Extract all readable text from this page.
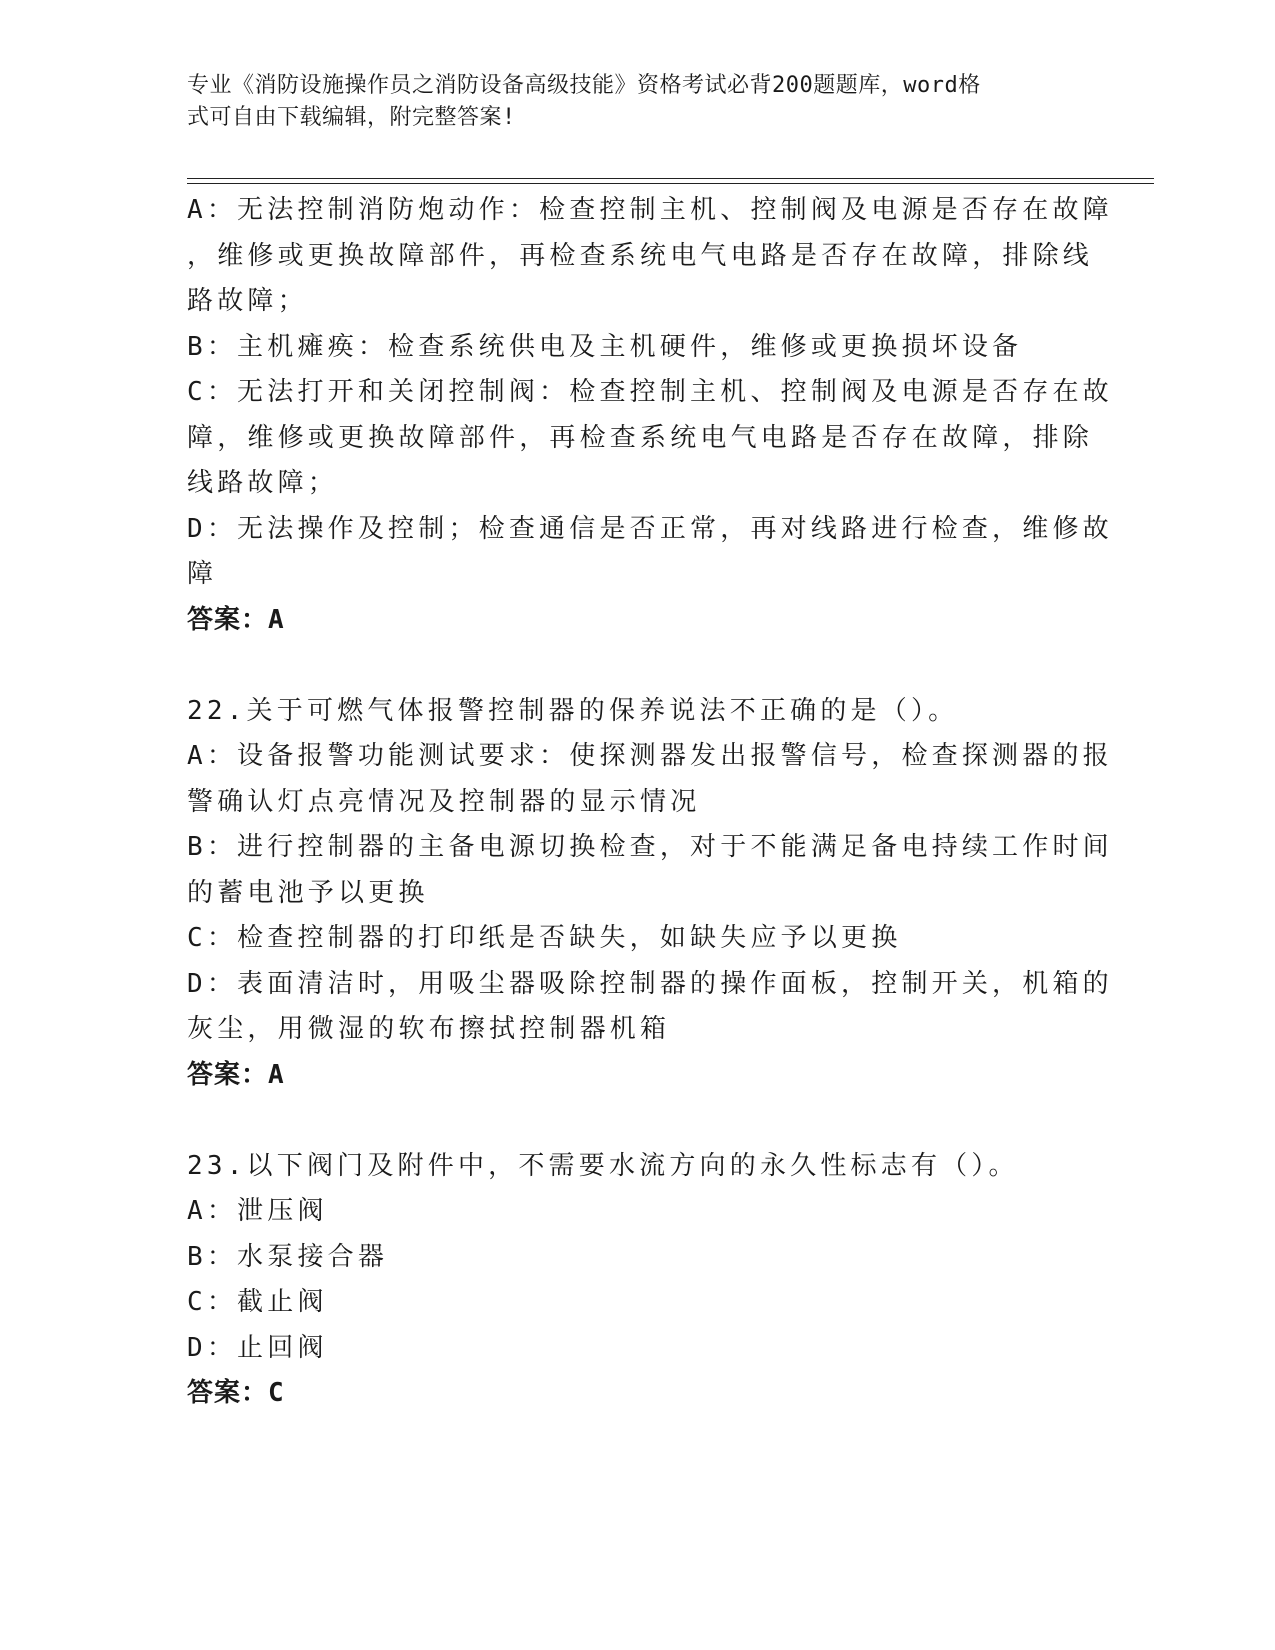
专业《消防设施操作员之消防设备高级技能》资格考试必背200题题库，word格
式可自由下载编辑，附完整答案!

A：无法控制消防炮动作：检查控制主机、控制阀及电源是否存在故障

，维修或更换故障部件，再检查系统电气电路是否存在故障，排除线

路故障；

B：主机瘫痪：检查系统供电及主机硬件，维修或更换损坏设备

C：无法打开和关闭控制阀：检查控制主机、控制阀及电源是否存在故

障，维修或更换故障部件，再检查系统电气电路是否存在故障，排除

线路故障；

D：无法操作及控制；检查通信是否正常，再对线路进行检查，维修故

障

答案：A

22.关于可燃气体报警控制器的保养说法不正确的是（）。

A：设备报警功能测试要求：使探测器发出报警信号，检查探测器的报

警确认灯点亮情况及控制器的显示情况

B：进行控制器的主备电源切换检查，对于不能满足备电持续工作时间

的蓄电池予以更换

C：检查控制器的打印纸是否缺失，如缺失应予以更换

D：表面清洁时，用吸尘器吸除控制器的操作面板，控制开关，机箱的

灰尘，用微湿的软布擦拭控制器机箱

答案：A

23.以下阀门及附件中，不需要水流方向的永久性标志有（）。

A：泄压阀

B：水泵接合器

C：截止阀

D：止回阀

答案：C
